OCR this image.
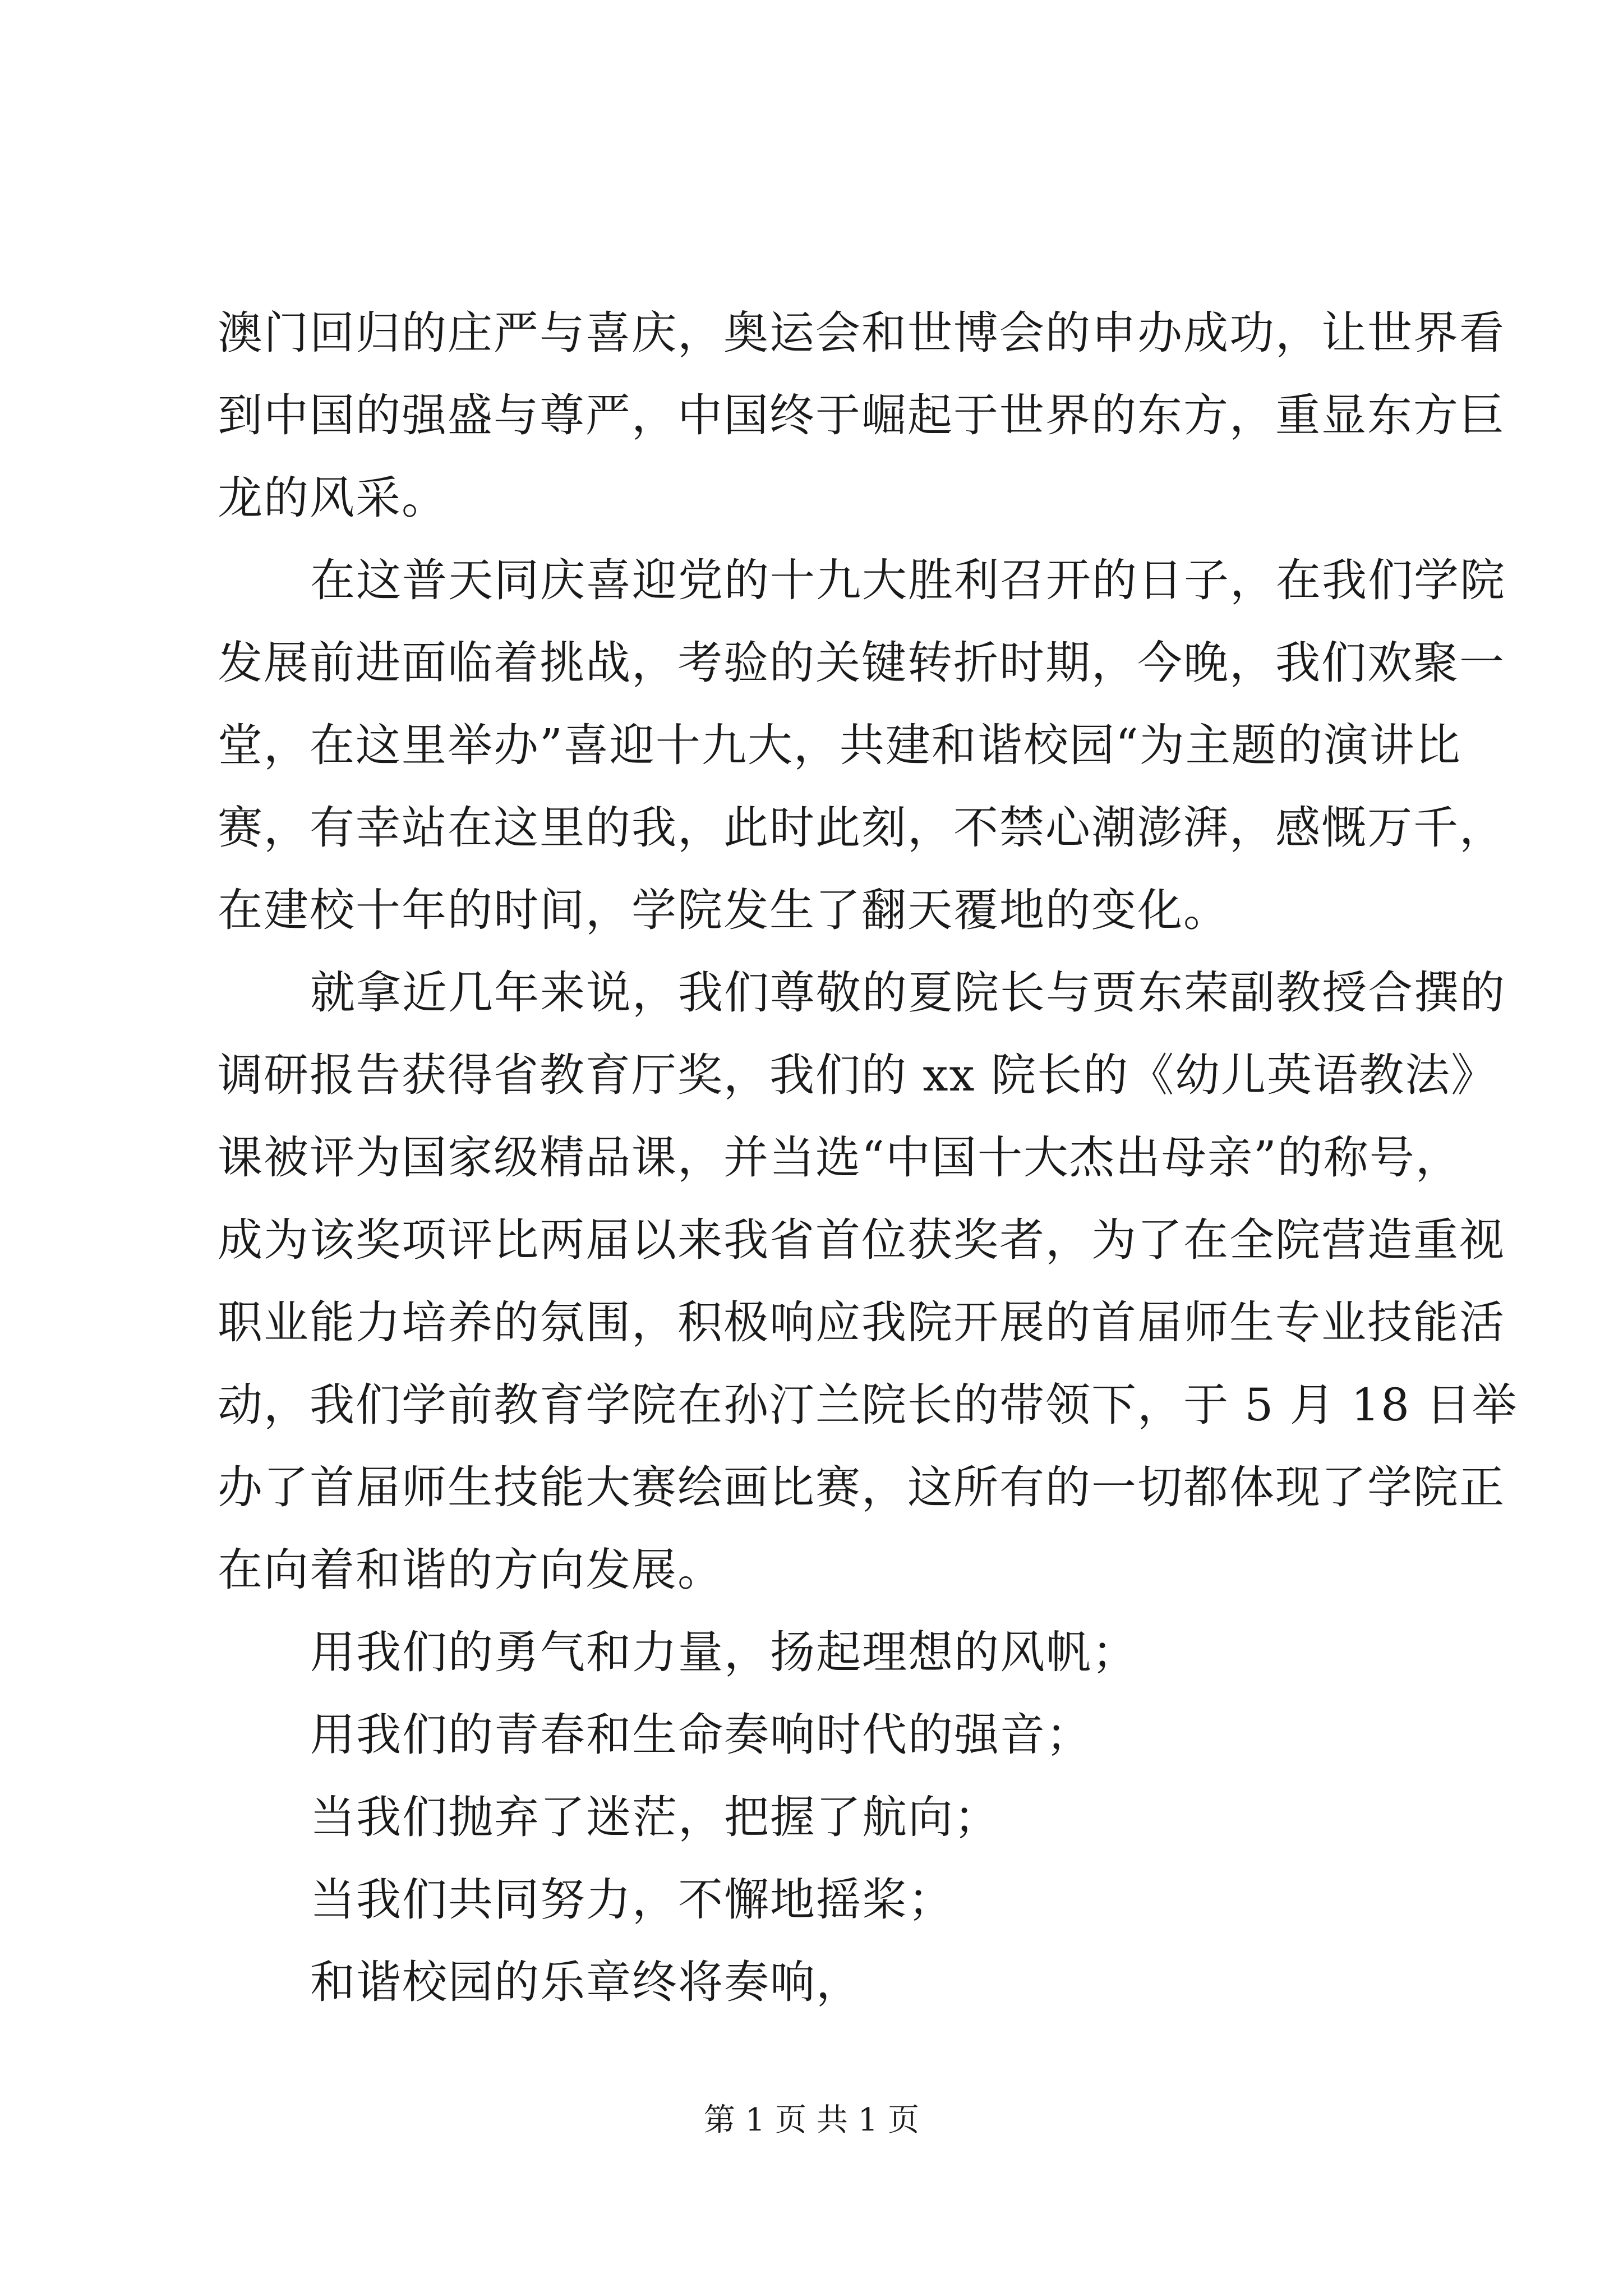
澳门回归的庄严与喜庆，奥运会和世博会的申办成功，让世界看
到中国的强盛与尊严，中国终于崛起于世界的东方，重显东方巨
龙的风采。
在这普天同庆喜迎党的十九大胜利召开的日子，在我们学院
发展前进面临着挑战，考验的关键转折时期，今晚，我们欢聚一
堂，在这里举办”喜迎十九大，共建和谐校园“为主题的演讲比
赛，有幸站在这里的我，此时此刻，不禁心潮澎湃，感慨万千，
在建校十年的时间，学院发生了翻天覆地的变化。
就拿近几年来说，我们尊敬的夏院长与贾东荣副教授合撰的
调研报告获得省教育厅奖，我们的 xx 院长的《幼儿英语教法》
课被评为国家级精品课，并当选“中国十大杰出母亲”的称号，
成为该奖项评比两届以来我省首位获奖者，为了在全院营造重视
职业能力培养的氛围，积极响应我院开展的首届师生专业技能活
动，我们学前教育学院在孙汀兰院长的带领下，于 5 月 18 日举
办了首届师生技能大赛绘画比赛，这所有的一切都体现了学院正
在向着和谐的方向发展。
用我们的勇气和力量，扬起理想的风帆；
用我们的青春和生命奏响时代的强音；
当我们抛弃了迷茫，把握了航向；
当我们共同努力，不懈地摇桨；
和谐校园的乐章终将奏响，
第 1 页 共 1 页
